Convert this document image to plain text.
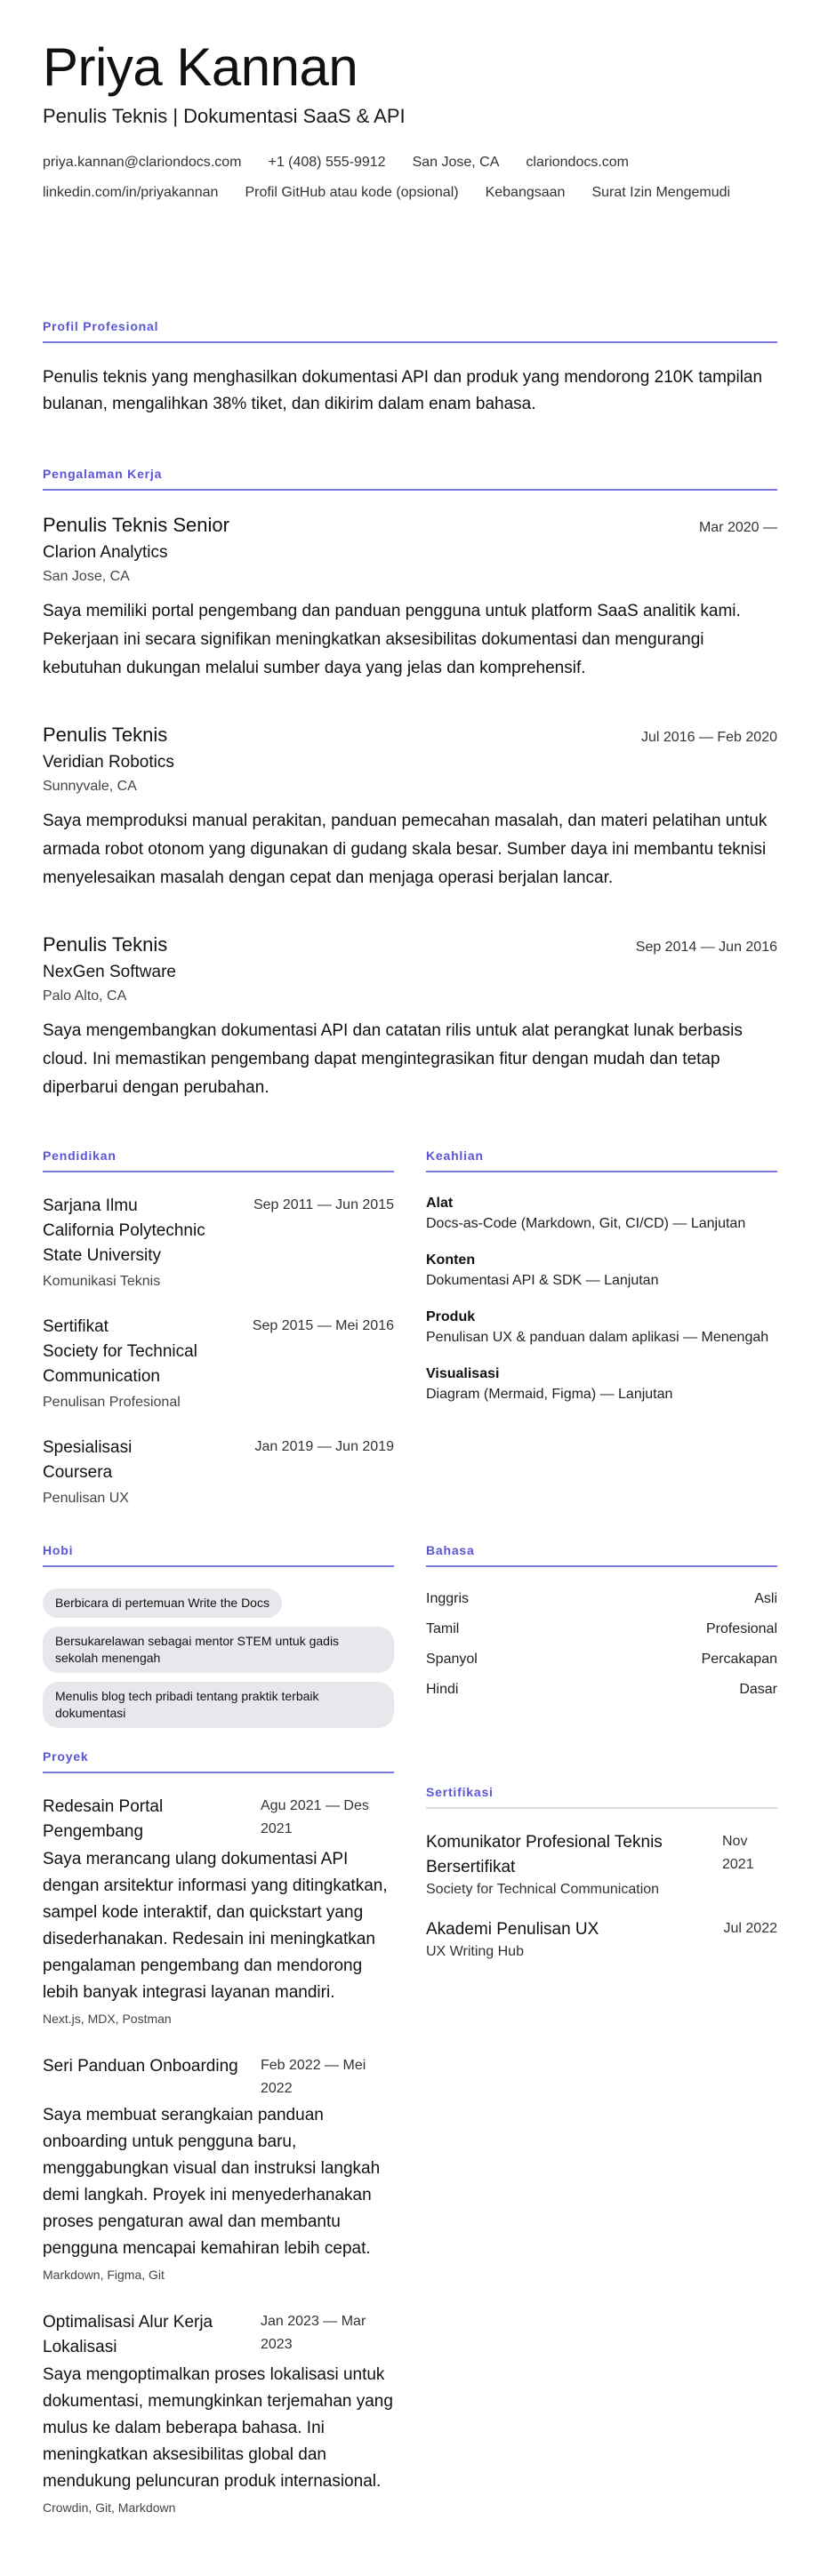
Priya Kannan
Penulis Teknis | Dokumentasi SaaS & API
priya.kannan@clariondocs.com +1 (408) 555-9912 San Jose, CA clariondocs.com
linkedin.com/in/priyakannan Profil GitHub atau kode (opsional) Kebangsaan Surat Izin Mengemudi
Profil Profesional
Penulis teknis yang menghasilkan dokumentasi API dan produk yang mendorong 210K tampilan bulanan, mengalihkan 38% tiket, dan dikirim dalam enam bahasa.
Pengalaman Kerja
Penulis Teknis Senior	Mar 2020 —
Clarion Analytics
San Jose, CA
Saya memiliki portal pengembang dan panduan pengguna untuk platform SaaS analitik kami. Pekerjaan ini secara signifikan meningkatkan aksesibilitas dokumentasi dan mengurangi kebutuhan dukungan melalui sumber daya yang jelas dan komprehensif.
Penulis Teknis	Jul 2016 — Feb 2020
Veridian Robotics
Sunnyvale, CA
Saya memproduksi manual perakitan, panduan pemecahan masalah, dan materi pelatihan untuk armada robot otonom yang digunakan di gudang skala besar. Sumber daya ini membantu teknisi menyelesaikan masalah dengan cepat dan menjaga operasi berjalan lancar.
Penulis Teknis	Sep 2014 — Jun 2016
NexGen Software
Palo Alto, CA
Saya mengembangkan dokumentasi API dan catatan rilis untuk alat perangkat lunak berbasis cloud. Ini memastikan pengembang dapat mengintegrasikan fitur dengan mudah dan tetap diperbarui dengan perubahan.
Pendidikan
Sarjana Ilmu
California Polytechnic State University
Sep 2011 — Jun 2015
Komunikasi Teknis
Sertifikat
Society for Technical Communication
Sep 2015 — Mei 2016
Penulisan Profesional
Spesialisasi
Coursera
Jan 2019 — Jun 2019
Penulisan UX
Keahlian
Alat
Docs-as-Code (Markdown, Git, CI/CD) — Lanjutan
Konten
Dokumentasi API & SDK — Lanjutan
Produk
Penulisan UX & panduan dalam aplikasi — Menengah
Visualisasi
Diagram (Mermaid, Figma) — Lanjutan
Hobi
Berbicara di pertemuan Write the Docs
Bersukarelawan sebagai mentor STEM untuk gadis sekolah menengah
Menulis blog tech pribadi tentang praktik terbaik dokumentasi
Bahasa
Inggris	Asli
Tamil	Profesional
Spanyol	Percakapan
Hindi	Dasar
Proyek
Redesain Portal Pengembang
Agu 2021 — Des 2021
Saya merancang ulang dokumentasi API dengan arsitektur informasi yang ditingkatkan, sampel kode interaktif, dan quickstart yang disederhanakan. Redesain ini meningkatkan pengalaman pengembang dan mendorong lebih banyak integrasi layanan mandiri.
Next.js, MDX, Postman
Seri Panduan Onboarding Feb 2022 — Mei 2022
Saya membuat serangkaian panduan onboarding untuk pengguna baru, menggabungkan visual dan instruksi langkah demi langkah. Proyek ini menyederhanakan proses pengaturan awal dan membantu pengguna mencapai kemahiran lebih cepat.
Markdown, Figma, Git
Optimalisasi Alur Kerja Lokalisasi
Jan 2023 — Mar 2023
Saya mengoptimalkan proses lokalisasi untuk dokumentasi, memungkinkan terjemahan yang mulus ke dalam beberapa bahasa. Ini meningkatkan aksesibilitas global dan mendukung peluncuran produk internasional.
Crowdin, Git, Markdown
Sertifikasi
Komunikator Profesional Teknis Bersertifikat
Nov 2021
Society for Technical Communication
Akademi Penulisan UX	Jul 2022
UX Writing Hub
